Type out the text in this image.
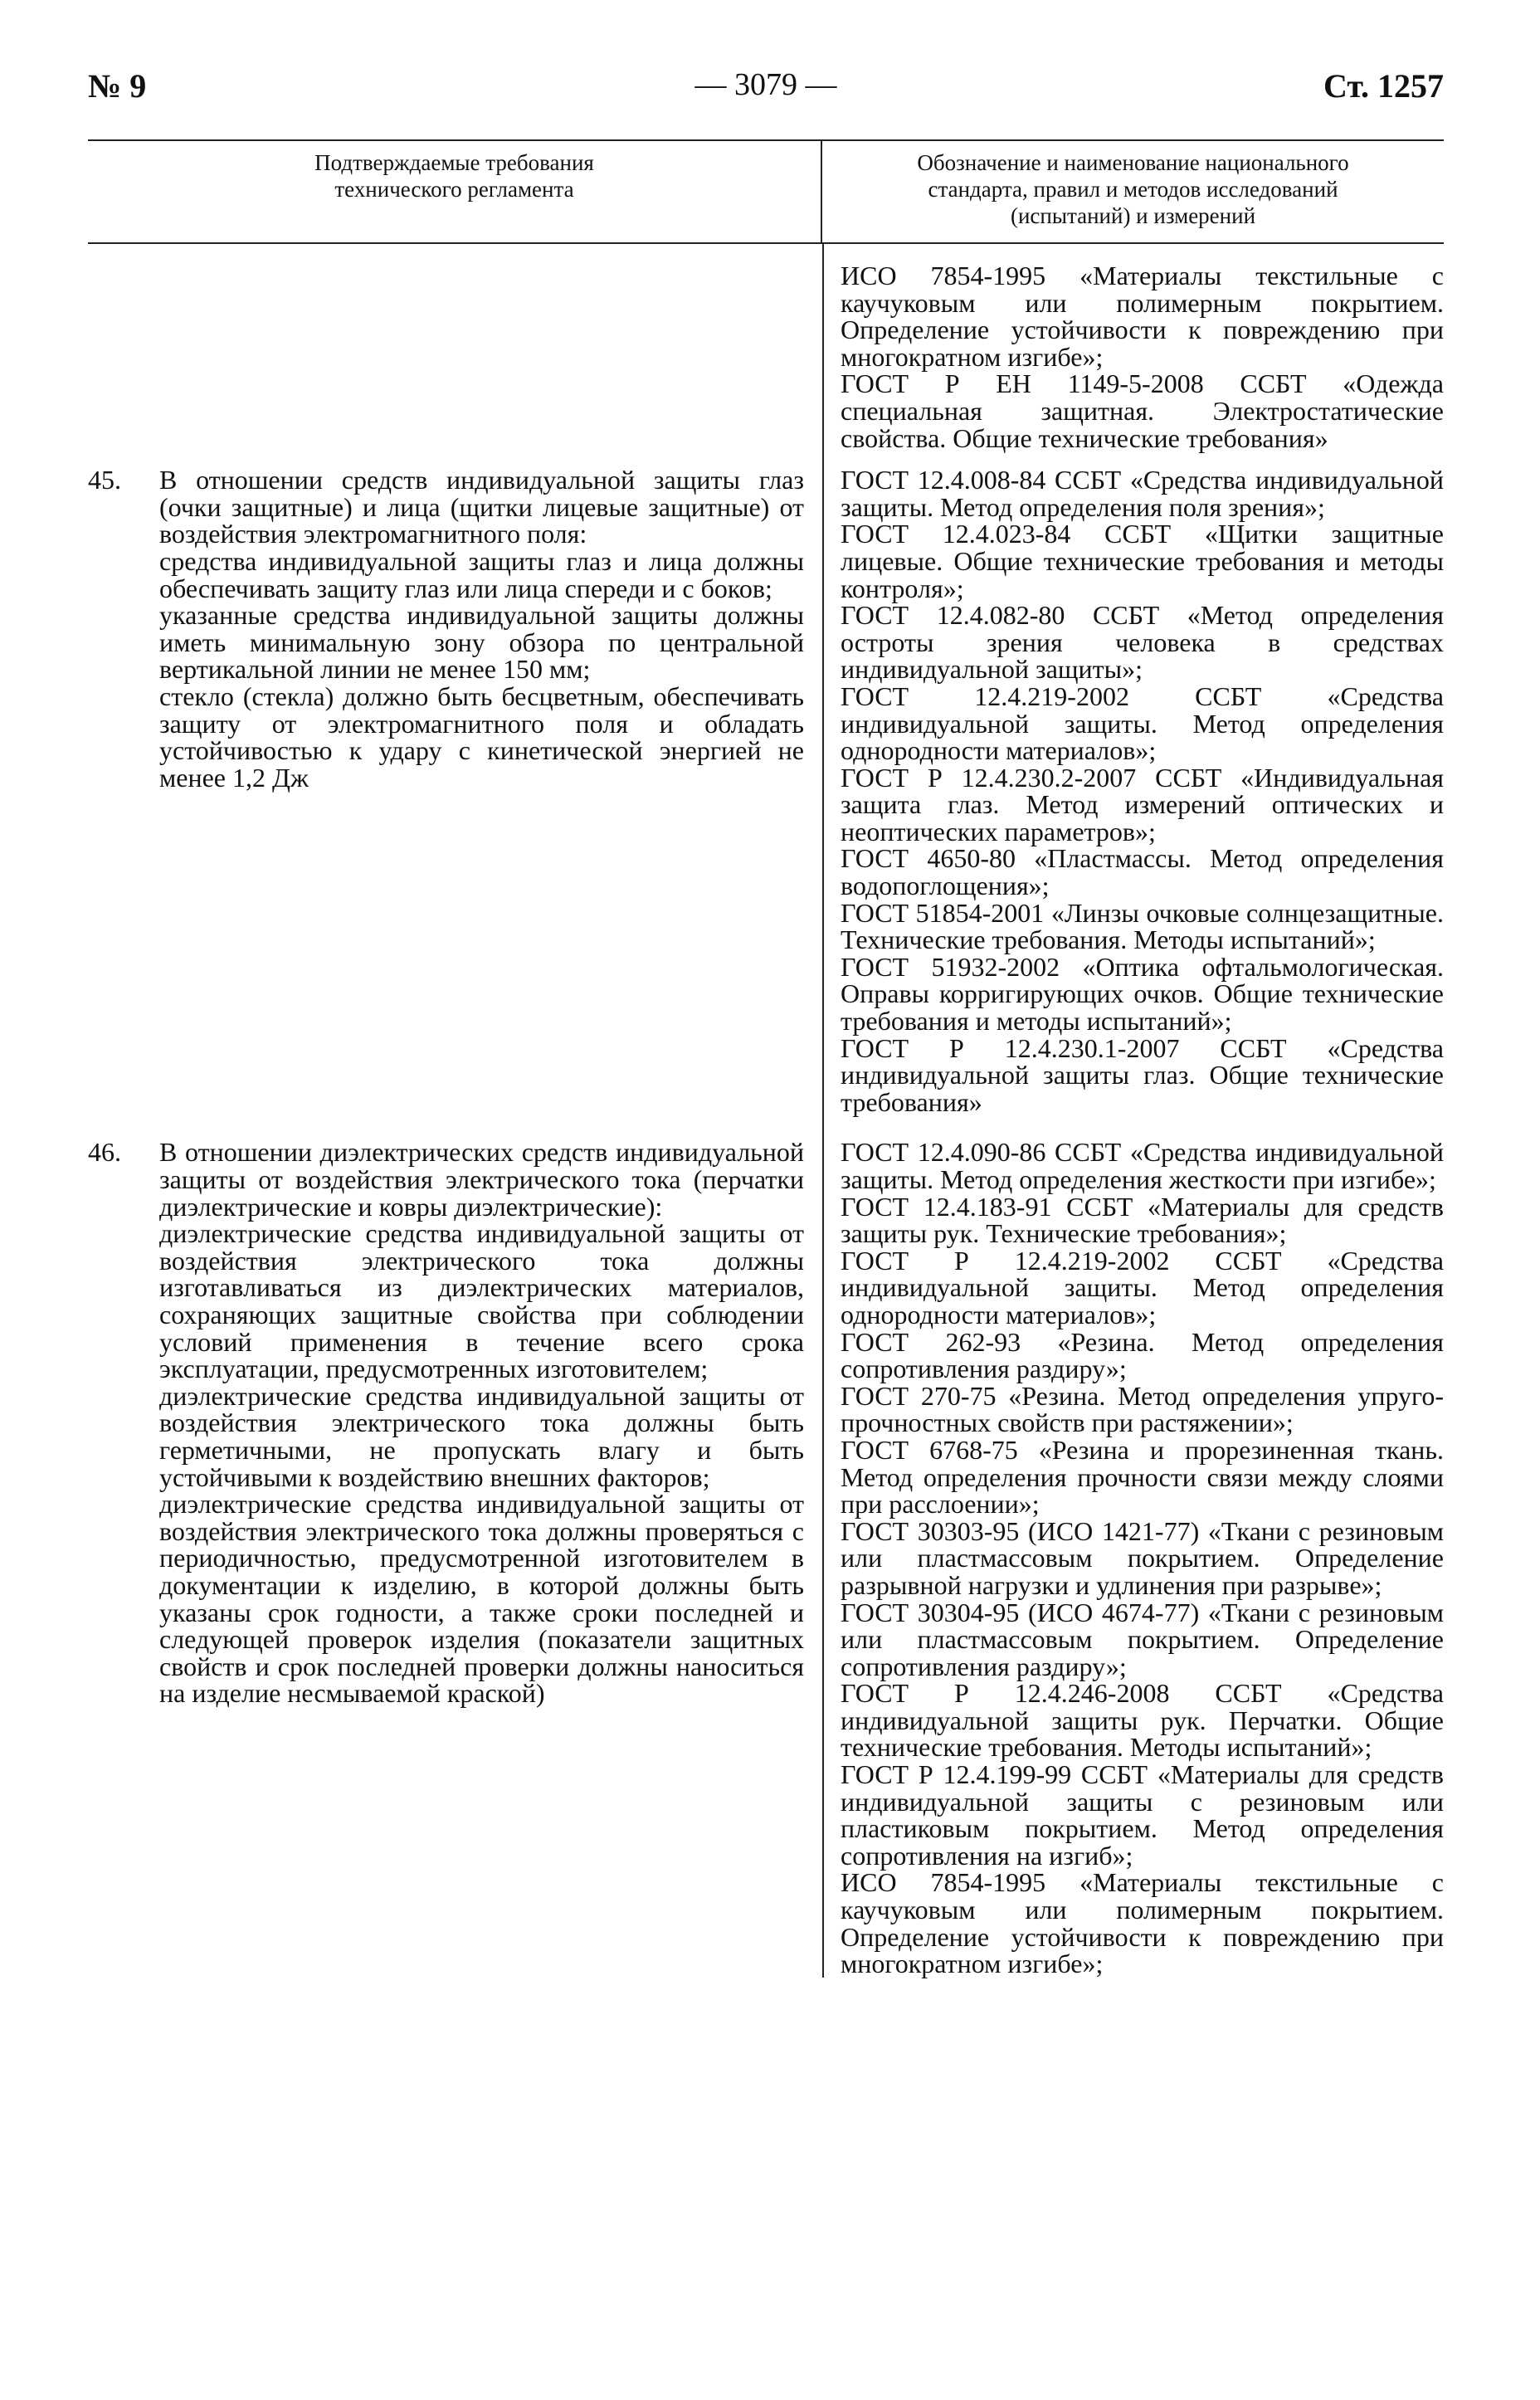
№ 9	— 3079 —	Ст. 1257
Подтверждаемые требования
технического регламента
Обозначение и наименование национального
стандарта, правил и методов исследований
(испытаний) и измерений
ИСО 7854-1995 «Материалы текстильные с каучуковым или полимерным покрытием. Определение устойчивости к повреждению при многократном изгибе»;
ГОСТ Р ЕН 1149-5-2008 ССБТ «Одежда специальная защитная. Электростатические свойства. Общие технические требования»
45. В отношении средств индивидуальной защиты глаз (очки защитные) и лица (щитки лицевые защитные) от воздействия электромагнитного поля:
средства индивидуальной защиты глаз и лица должны обеспечивать защиту глаз или лица спереди и с боков;
указанные средства индивидуальной защиты должны иметь минимальную зону обзора по центральной вертикальной линии не менее 150 мм;
стекло (стекла) должно быть бесцветным, обеспечивать защиту от электромагнитного поля и обладать устойчивостью к удару с кинетической энергией не менее 1,2 Дж
ГОСТ 12.4.008-84 ССБТ «Средства индивидуальной защиты. Метод определения поля зрения»;
ГОСТ 12.4.023-84 ССБТ «Щитки защитные лицевые. Общие технические требования и методы контроля»;
ГОСТ 12.4.082-80 ССБТ «Метод определения остроты зрения человека в средствах индивидуальной защиты»;
ГОСТ 12.4.219-2002 ССБТ «Средства индивидуальной защиты. Метод определения однородности материалов»;
ГОСТ Р 12.4.230.2-2007 ССБТ «Индивидуальная защита глаз. Метод измерений оптических и неоптических параметров»;
ГОСТ 4650-80 «Пластмассы. Метод определения водопоглощения»;
ГОСТ 51854-2001 «Линзы очковые солнцезащитные. Технические требования. Методы испытаний»;
ГОСТ 51932-2002 «Оптика офтальмологическая. Оправы корригирующих очков. Общие технические требования и методы испытаний»;
ГОСТ Р 12.4.230.1-2007 ССБТ «Средства индивидуальной защиты глаз. Общие технические требования»
46. В отношении диэлектрических средств индивидуальной защиты от воздействия электрического тока (перчатки диэлектрические и ковры диэлектрические):
диэлектрические средства индивидуальной защиты от воздействия электрического тока должны изготавливаться из диэлектрических материалов, сохраняющих защитные свойства при соблюдении условий применения в течение всего срока эксплуатации, предусмотренных изготовителем;
диэлектрические средства индивидуальной защиты от воздействия электрического тока должны быть герметичными, не пропускать влагу и быть устойчивыми к воздействию внешних факторов;
диэлектрические средства индивидуальной защиты от воздействия электрического тока должны проверяться с периодичностью, предусмотренной изготовителем в документации к изделию, в которой должны быть указаны срок годности, а также сроки последней и следующей проверок изделия (показатели защитных свойств и срок последней проверки должны наноситься на изделие несмываемой краской)
ГОСТ 12.4.090-86 ССБТ «Средства индивидуальной защиты. Метод определения жесткости при изгибе»;
ГОСТ 12.4.183-91 ССБТ «Материалы для средств защиты рук. Технические требования»;
ГОСТ Р 12.4.219-2002 ССБТ «Средства индивидуальной защиты. Метод определения однородности материалов»;
ГОСТ 262-93 «Резина. Метод определения сопротивления раздиру»;
ГОСТ 270-75 «Резина. Метод определения упруго-прочностных свойств при растяжении»;
ГОСТ 6768-75 «Резина и прорезиненная ткань. Метод определения прочности связи между слоями при расслоении»;
ГОСТ 30303-95 (ИСО 1421-77) «Ткани с резиновым или пластмассовым покрытием. Определение разрывной нагрузки и удлинения при разрыве»;
ГОСТ 30304-95 (ИСО 4674-77) «Ткани с резиновым или пластмассовым покрытием. Определение сопротивления раздиру»;
ГОСТ Р 12.4.246-2008 ССБТ «Средства индивидуальной защиты рук. Перчатки. Общие технические требования. Методы испытаний»;
ГОСТ Р 12.4.199-99 ССБТ «Материалы для средств индивидуальной защиты с резиновым или пластиковым покрытием. Метод определения сопротивления на изгиб»;
ИСО 7854-1995 «Материалы текстильные с каучуковым или полимерным покрытием. Определение устойчивости к повреждению при многократном изгибе»;
